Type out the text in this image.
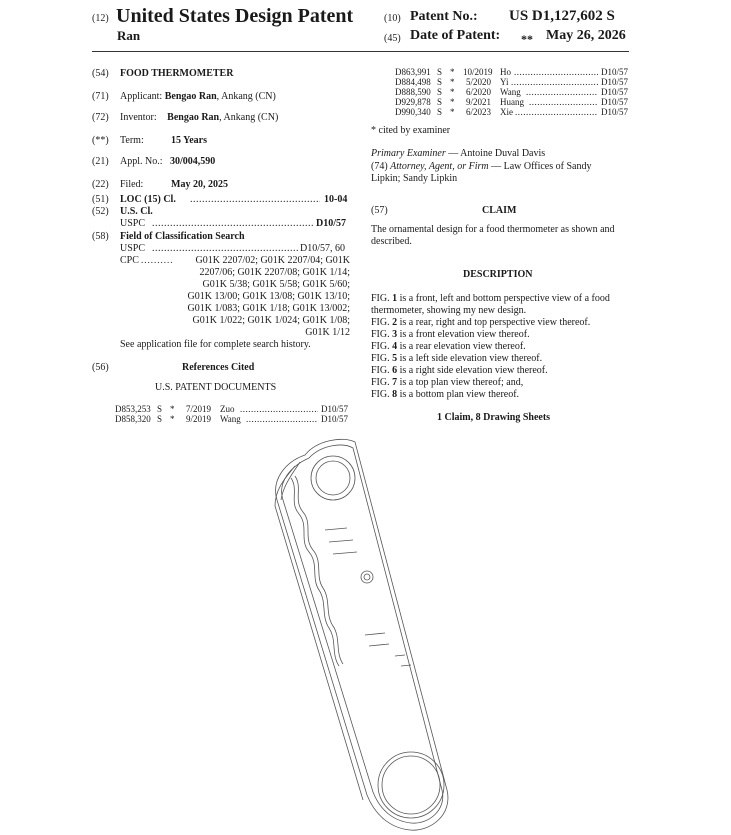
(12) United States Design Patent
Ran
(10) Patent No.: US D1,127,602 S
(45) Date of Patent: ** May 26, 2026
(54) FOOD THERMOMETER
(71) Applicant: Bengao Ran, Ankang (CN)
(72) Inventor: Bengao Ran, Ankang (CN)
(**) Term:	15 Years
(21) Appl. No.: 30/004,590
(22) Filed:	May 20, 2025
(51) LOC (15) Cl. .....	10-04
(52) U.S. Cl.
USPC .....	D10/57
(58) Field of Classification Search
USPC .....	D10/57, 60
CPC ..........	G01K 2207/02; G01K 2207/04; G01K
2207/06; G01K 2207/08; G01K 1/14;
G01K 5/38; G01K 5/58; G01K 5/60;
G01K 13/00; G01K 13/08; G01K 13/10;
G01K 1/083; G01K 1/18; G01K 13/002;
G01K 1/022; G01K 1/024; G01K 1/08;
G01K 1/12
See application file for complete search history.
(56)	References Cited
U.S. PATENT DOCUMENTS
D853,253 S * 7/2019 Zuo .....	D10/57
D858,320 S * 9/2019 Wang .....	D10/57
D863,991 S * 10/2019 Ho .....	D10/57
D884,498 S * 5/2020 Yi .....	D10/57
D888,590 S * 6/2020 Wang .....	D10/57
D929,878 S * 9/2021 Huang .....	D10/57
D990,340 S * 6/2023 Xie .....	D10/57
* cited by examiner
Primary Examiner — Antoine Duval Davis
(74) Attorney, Agent, or Firm — Law Offices of Sandy
Lipkin; Sandy Lipkin
(57)	CLAIM
The ornamental design for a food thermometer as shown and described.
DESCRIPTION
FIG. 1 is a front, left and bottom perspective view of a food thermometer, showing my new design.
FIG. 2 is a rear, right and top perspective view thereof.
FIG. 3 is a front elevation view thereof.
FIG. 4 is a rear elevation view thereof.
FIG. 5 is a left side elevation view thereof.
FIG. 6 is a right side elevation view thereof.
FIG. 7 is a top plan view thereof; and,
FIG. 8 is a bottom plan view thereof.
1 Claim, 8 Drawing Sheets
